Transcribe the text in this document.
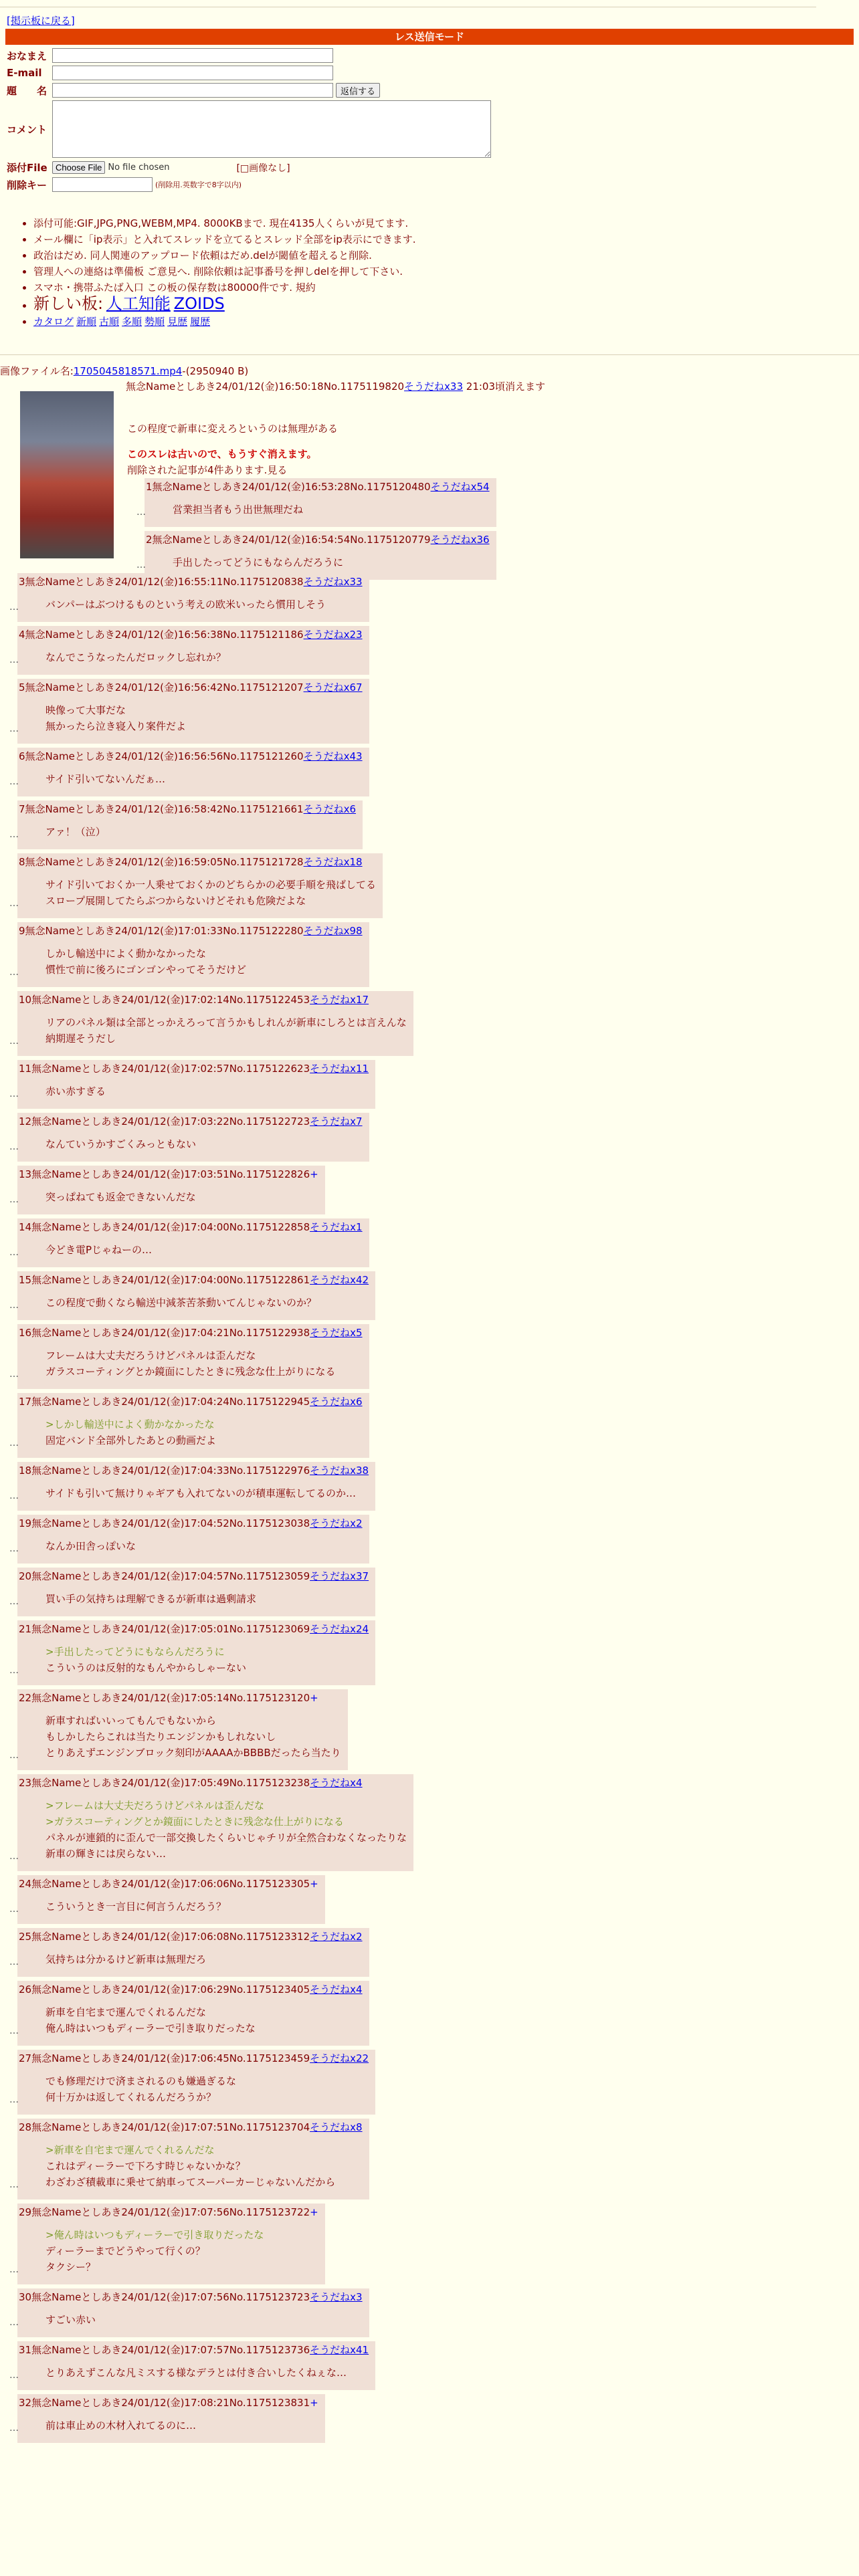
[掲示板に戻る]
レス送信モード
おなまえ
E-mail
題　　名	返信する
コメント
添付File Choose File No file chosen	[□画像なし]
削除キー	(削除用.英数字で8字以内)
• 添付可能:GIF,JPG,PNG,WEBM,MP4. 8000KBまで. 現在4135人くらいが見てます.
• メール欄に「ip表示」と入れてスレッドを立てるとスレッド全部をip表示にできます.
• 政治はだめ. 同人関連のアップロード依頼はだめ.delが閾値を超えると削除.
• 管理人への連絡は準備板 ご意見へ. 削除依頼は記事番号を押しdelを押して下さい.
• スマホ・携帯ふたば入口 この板の保存数は80000件です. 規約
• 新しい板: 人工知能 ZOIDS
• カタログ 新順 古順 多順 勢順 見歴 履歴
画像ファイル名:1705045818571.mp4-(2950940 B)
無念Nameとしあき24/01/12(金)16:50:18No.1175119820そうだねx33 21:03頃消えます
この程度で新車に変えろというのは無理がある
このスレは古いので、もうすぐ消えます。
削除された記事が4件あります.見る
…
1無念Nameとしあき24/01/12(金)16:53:28No.1175120480そうだねx54
営業担当者もう出世無理だね
…
2無念Nameとしあき24/01/12(金)16:54:54No.1175120779そうだねx36
手出したってどうにもならんだろうに
…
3無念Nameとしあき24/01/12(金)16:55:11No.1175120838そうだねx33
バンパーはぶつけるものという考えの欧米いったら慣用しそう
…
4無念Nameとしあき24/01/12(金)16:56:38No.1175121186そうだねx23
なんでこうなったんだロックし忘れか？
…
5無念Nameとしあき24/01/12(金)16:56:42No.1175121207そうだねx67
映像って大事だな
無かったら泣き寝入り案件だよ
…
6無念Nameとしあき24/01/12(金)16:56:56No.1175121260そうだねx43
サイド引いてないんだぁ…
…
7無念Nameとしあき24/01/12(金)16:58:42No.1175121661そうだねx6
アァ！（泣）
…
8無念Nameとしあき24/01/12(金)16:59:05No.1175121728そうだねx18
サイド引いておくか一人乗せておくかのどちらかの必要手順を飛ばしてる
スロープ展開してたらぶつからないけどそれも危険だよな
…
9無念Nameとしあき24/01/12(金)17:01:33No.1175122280そうだねx98
しかし輸送中によく動かなかったな
慣性で前に後ろにゴンゴンやってそうだけど
…
10無念Nameとしあき24/01/12(金)17:02:14No.1175122453そうだねx17
リアのパネル類は全部とっかえろって言うかもしれんが新車にしろとは言えんな
納期遅そうだし
…
11無念Nameとしあき24/01/12(金)17:02:57No.1175122623そうだねx11
赤い赤すぎる
…
12無念Nameとしあき24/01/12(金)17:03:22No.1175122723そうだねx7
なんていうかすごくみっともない
…
13無念Nameとしあき24/01/12(金)17:03:51No.1175122826+
突っぱねても返金できないんだな
…
14無念Nameとしあき24/01/12(金)17:04:00No.1175122858そうだねx1
今どき電Pじゃねーの…
…
15無念Nameとしあき24/01/12(金)17:04:00No.1175122861そうだねx42
この程度で動くなら輸送中減茶苦茶動いてんじゃないのか？
…
16無念Nameとしあき24/01/12(金)17:04:21No.1175122938そうだねx5
フレームは大丈夫だろうけどパネルは歪んだな
ガラスコーティングとか鏡面にしたときに残念な仕上がりになる
…
17無念Nameとしあき24/01/12(金)17:04:24No.1175122945そうだねx6
>しかし輸送中によく動かなかったな
固定バンド全部外したあとの動画だよ
…
18無念Nameとしあき24/01/12(金)17:04:33No.1175122976そうだねx38
サイドも引いて無けりゃギアも入れてないのが積車運転してるのか…
…
19無念Nameとしあき24/01/12(金)17:04:52No.1175123038そうだねx2
なんか田舎っぽいな
…
20無念Nameとしあき24/01/12(金)17:04:57No.1175123059そうだねx37
買い手の気持ちは理解できるが新車は過剰請求
…
21無念Nameとしあき24/01/12(金)17:05:01No.1175123069そうだねx24
>手出したってどうにもならんだろうに
こういうのは反射的なもんやからしゃーない
…
22無念Nameとしあき24/01/12(金)17:05:14No.1175123120+
新車すればいいってもんでもないから
もしかしたらこれは当たりエンジンかもしれないし
とりあえずエンジンブロック刻印がAAAAかBBBBだったら当たり
…
23無念Nameとしあき24/01/12(金)17:05:49No.1175123238そうだねx4
>フレームは大丈夫だろうけどパネルは歪んだな
>ガラスコーティングとか鏡面にしたときに残念な仕上がりになる
パネルが連鎖的に歪んで一部交換したくらいじゃチリが全然合わなくなったりな
新車の輝きには戻らない…
…
24無念Nameとしあき24/01/12(金)17:06:06No.1175123305+
こういうとき一言目に何言うんだろう？
…
25無念Nameとしあき24/01/12(金)17:06:08No.1175123312そうだねx2
気持ちは分かるけど新車は無理だろ
…
26無念Nameとしあき24/01/12(金)17:06:29No.1175123405そうだねx4
新車を自宅まで運んでくれるんだな
俺ん時はいつもディーラーで引き取りだったな
…
27無念Nameとしあき24/01/12(金)17:06:45No.1175123459そうだねx22
でも修理だけで済まされるのも嫌過ぎるな
何十万かは返してくれるんだろうか？
…
28無念Nameとしあき24/01/12(金)17:07:51No.1175123704そうだねx8
>新車を自宅まで運んでくれるんだな
これはディーラーで下ろす時じゃないかな？
わざわざ積載車に乗せて納車ってスーパーカーじゃないんだから
…
29無念Nameとしあき24/01/12(金)17:07:56No.1175123722+
>俺ん時はいつもディーラーで引き取りだったな
ディーラーまでどうやって行くの？
タクシー？
…
30無念Nameとしあき24/01/12(金)17:07:56No.1175123723そうだねx3
すごい赤い
…
31無念Nameとしあき24/01/12(金)17:07:57No.1175123736そうだねx41
とりあえずこんな凡ミスする様なデラとは付き合いしたくねぇな…
…
32無念Nameとしあき24/01/12(金)17:08:21No.1175123831+
前は車止めの木材入れてるのに…
